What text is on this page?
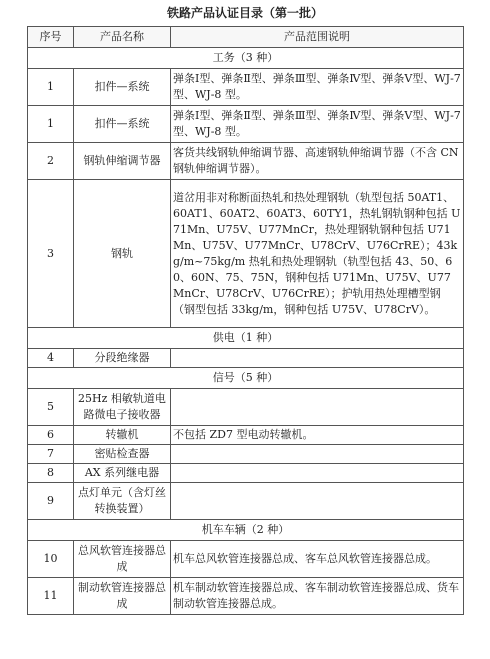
铁路产品认证目录（第一批）
序号	产品名称	产品范围说明
工务（3 种）		
1	扣件—系统	弹条Ⅰ型、弹条Ⅱ型、弹条Ⅲ型、弹条Ⅳ型、弹条Ⅴ型、WJ-7 型、WJ-8 型。
1	扣件—系统	弹条Ⅰ型、弹条Ⅱ型、弹条Ⅲ型、弹条Ⅳ型、弹条Ⅴ型、WJ-7 型、WJ-8 型。
2	钢轨伸缩调节器	客货共线钢轨伸缩调节器、高速钢轨伸缩调节器（不含 CN 钢轨伸缩调节器）。
3	钢轨	道岔用非对称断面热轧和热处理钢轨（轨型包括 50AT1、60AT1、60AT2、60AT3、60TY1，热轧钢轨钢种包括 U71Mn、U75V、U77MnCr，热处理钢轨钢种包括 U71Mn、U75V、U77MnCr、U78CrV、U76CrRE）；43kg/m~75kg/m 热轧和热处理钢轨（轨型包括 43、50、60、60N、75、75N，钢种包括 U71Mn、U75V、U77MnCr、U78CrV、U76CrRE）；护轨用热处理槽型钢（钢型包括 33kg/m，钢种包括 U75V、U78CrV）。
供电（1 种）		
4	分段绝缘器	
信号（5 种）		
5	25Hz 相敏轨道电路微电子接收器	
6	转辙机	不包括 ZD7 型电动转辙机。
7	密贴检查器	
8	AX 系列继电器	
9	点灯单元（含灯丝转换装置）	
机车车辆（2 种）		
10	总风软管连接器总成	机车总风软管连接器总成、客车总风软管连接器总成。
11	制动软管连接器总成	机车制动软管连接器总成、客车制动软管连接器总成、货车制动软管连接器总成。
